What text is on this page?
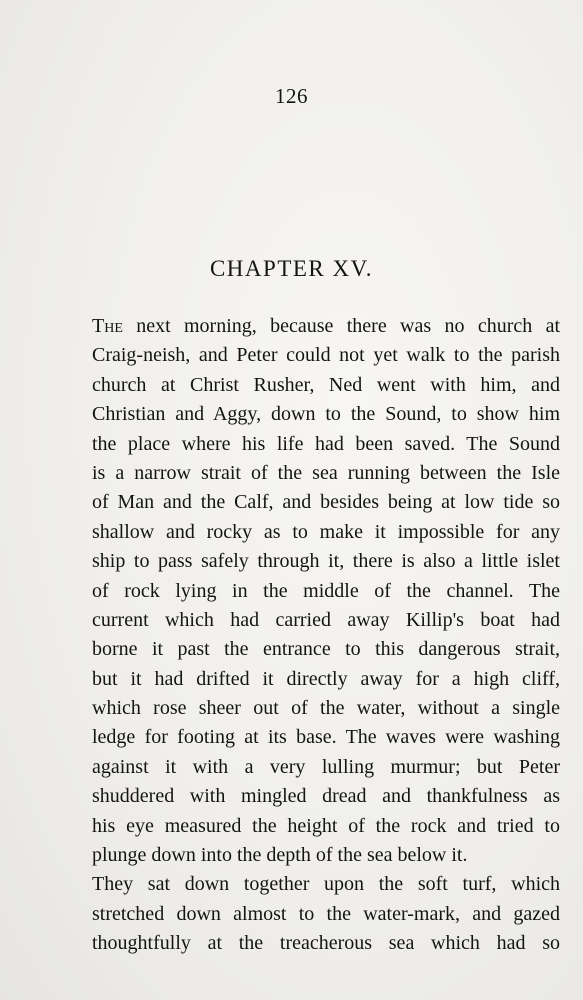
126
CHAPTER XV.
The next morning, because there was no church at
Craig-neish, and Peter could not yet walk to the parish
church at Christ Rusher, Ned went with him, and
Christian and Aggy, down to the Sound, to show him
the place where his life had been saved. The Sound
is a narrow strait of the sea running between the Isle
of Man and the Calf, and besides being at low tide so
shallow and rocky as to make it impossible for any
ship to pass safely through it, there is also a little islet
of rock lying in the middle of the channel. The
current which had carried away Killip's boat had
borne it past the entrance to this dangerous strait,
but it had drifted it directly away for a high cliff,
which rose sheer out of the water, without a single
ledge for footing at its base. The waves were washing
against it with a very lulling murmur; but Peter
shuddered with mingled dread and thankfulness as
his eye measured the height of the rock and tried to
plunge down into the depth of the sea below it.
They sat down together upon the soft turf, which
stretched down almost to the water-mark, and gazed
thoughtfully at the treacherous sea which had so
